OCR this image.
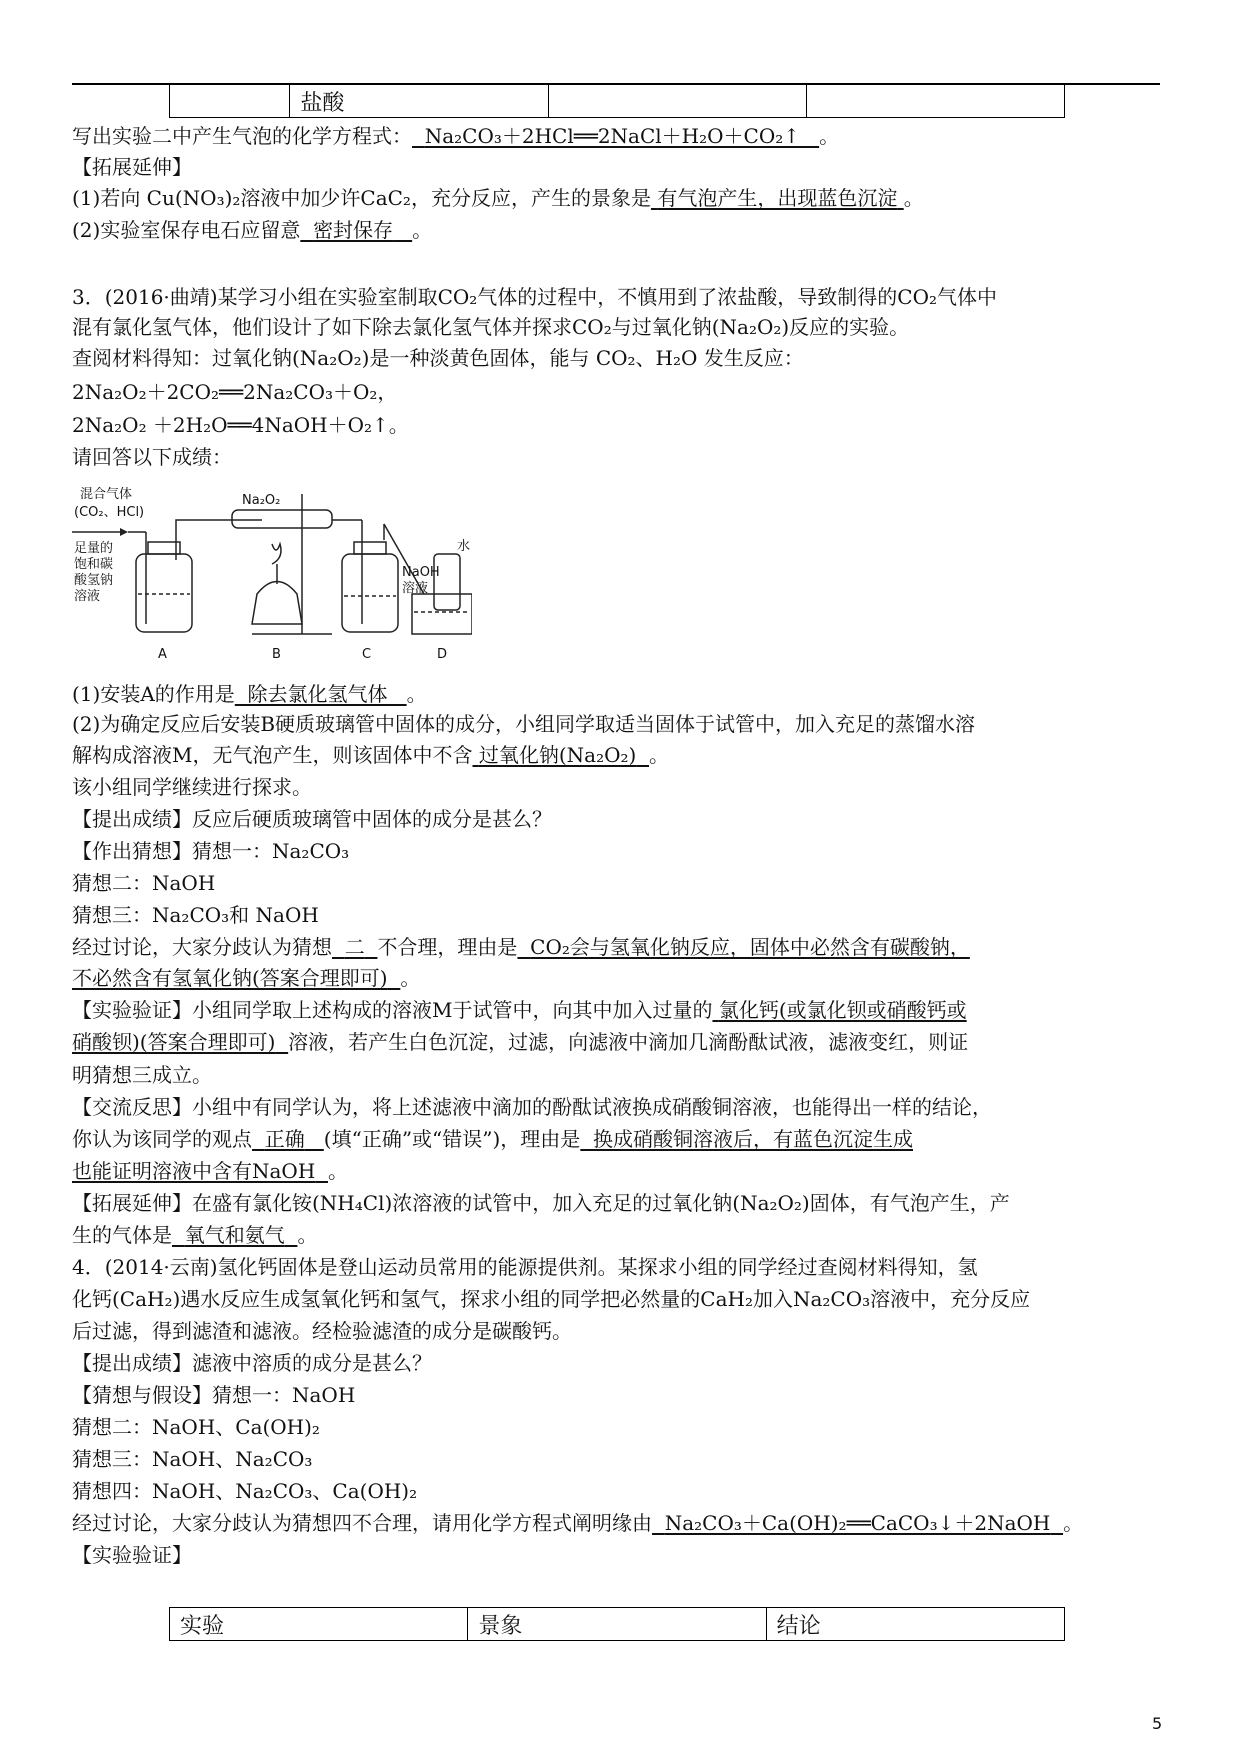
	盐酸		
写出实验二中产生气泡的化学方程式： Na₂CO₃＋2HCl══2NaCl＋H₂O＋CO₂↑ 。
【拓展延伸】
(1)若向 Cu(NO₃)₂溶液中加少许CaC₂，充分反应，产生的景象是 有气泡产生，出现蓝色沉淀 。
(2)实验室保存电石应留意 密封保存 。
3．(2016·曲靖)某学习小组在实验室制取CO₂气体的过程中，不慎用到了浓盐酸，导致制得的CO₂气体中
混有氯化氢气体，他们设计了如下除去氯化氢气体并探求CO₂与过氧化钠(Na₂O₂)反应的实验。
查阅材料得知：过氧化钠(Na₂O₂)是一种淡黄色固体，能与 CO₂、H₂O 发生反应：
2Na₂O₂＋2CO₂══2Na₂CO₃＋O₂，
2Na₂O₂ ＋2H₂O══4NaOH＋O₂↑。
请回答以下成绩：
混合气体
(CO₂、HCl)
Na₂O₂
足量的
饱和碳
酸氢钠
溶液
NaOH
溶液
水
A	B	C	D
(1)安装A的作用是 除去氯化氢气体 。
(2)为确定反应后安装B硬质玻璃管中固体的成分，小组同学取适当固体于试管中，加入充足的蒸馏水溶
解构成溶液M，无气泡产生，则该固体中不含 过氧化钠(Na₂O₂) 。
该小组同学继续进行探求。
【提出成绩】反应后硬质玻璃管中固体的成分是甚么？
【作出猜想】猜想一：Na₂CO₃
猜想二：NaOH
猜想三：Na₂CO₃和 NaOH
经过讨论，大家分歧认为猜想 二 不合理，理由是 CO₂会与氢氧化钠反应，固体中必然含有碳酸钠，
不必然含有氢氧化钠(答案合理即可) 。
【实验验证】小组同学取上述构成的溶液M于试管中，向其中加入过量的 氯化钙(或氯化钡或硝酸钙或
硝酸钡)(答案合理即可) 溶液，若产生白色沉淀，过滤，向滤液中滴加几滴酚酞试液，滤液变红，则证
明猜想三成立。
【交流反思】小组中有同学认为，将上述滤液中滴加的酚酞试液换成硝酸铜溶液，也能得出一样的结论，
你认为该同学的观点 正确 (填“正确”或“错误”)，理由是 换成硝酸铜溶液后，有蓝色沉淀生成
也能证明溶液中含有NaOH 。
【拓展延伸】在盛有氯化铵(NH₄Cl)浓溶液的试管中，加入充足的过氧化钠(Na₂O₂)固体，有气泡产生，产
生的气体是 氧气和氨气 。
4．(2014·云南)氢化钙固体是登山运动员常用的能源提供剂。某探求小组的同学经过查阅材料得知，氢
化钙(CaH₂)遇水反应生成氢氧化钙和氢气，探求小组的同学把必然量的CaH₂加入Na₂CO₃溶液中，充分反应
后过滤，得到滤渣和滤液。经检验滤渣的成分是碳酸钙。
【提出成绩】滤液中溶质的成分是甚么？
【猜想与假设】猜想一：NaOH
猜想二：NaOH、Ca(OH)₂
猜想三：NaOH、Na₂CO₃
猜想四：NaOH、Na₂CO₃、Ca(OH)₂
经过讨论，大家分歧认为猜想四不合理，请用化学方程式阐明缘由 Na₂CO₃＋Ca(OH)₂══CaCO₃↓＋2NaOH 。
【实验验证】
实验	景象	结论
5
